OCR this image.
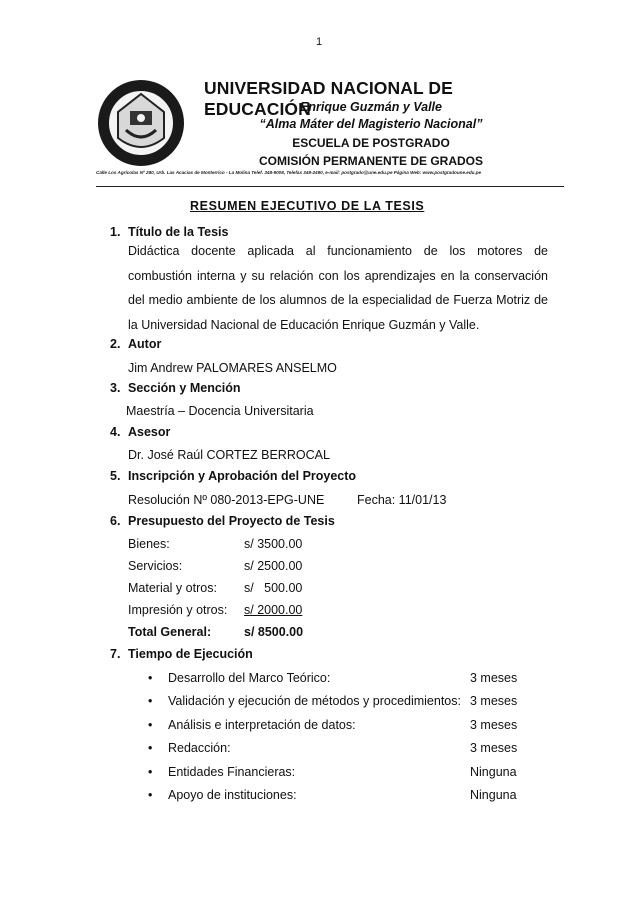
1
UNIVERSIDAD NACIONAL DE EDUCACIÓN
Enrique Guzmán y Valle
“Alma Máter del Magisterio Nacional”
ESCUELA DE POSTGRADO
COMISIÓN PERMANENTE DE GRADOS
Calle Los Agrícolas Nº 280, Urb. Las Acacias de Monterrico - La Molina Telef. 348-9008, Telefax 349-2490, e-mail: postgrado@une.edu.pe Página Web: www.postgradoune.edu.pe
RESUMEN EJECUTIVO DE LA TESIS
1. Título de la Tesis
Didáctica docente aplicada al funcionamiento de los motores de combustión interna y su relación con los aprendizajes en la conservación del medio ambiente de los alumnos de la especialidad de Fuerza Motriz de la Universidad Nacional de Educación Enrique Guzmán y Valle.
2. Autor
Jim Andrew PALOMARES ANSELMO
3. Sección y Mención
Maestría – Docencia Universitaria
4. Asesor
Dr. José Raúl CORTEZ BERROCAL
5. Inscripción y Aprobación del Proyecto
Resolución Nº 080-2013-EPG-UNE	Fecha: 11/01/13
6. Presupuesto del Proyecto de Tesis
Bienes:	s/ 3500.00
Servicios:	s/ 2500.00
Material y otros: s/   500.00
Impresión y otros: s/ 2000.00
Total General:	s/ 8500.00
7. Tiempo de Ejecución
• Desarrollo del Marco Teórico:	3 meses
• Validación y ejecución de métodos y procedimientos: 3 meses
• Análisis e interpretación de datos:	3 meses
• Redacción:	3 meses
• Entidades Financieras:	Ninguna
• Apoyo de instituciones:	Ninguna
